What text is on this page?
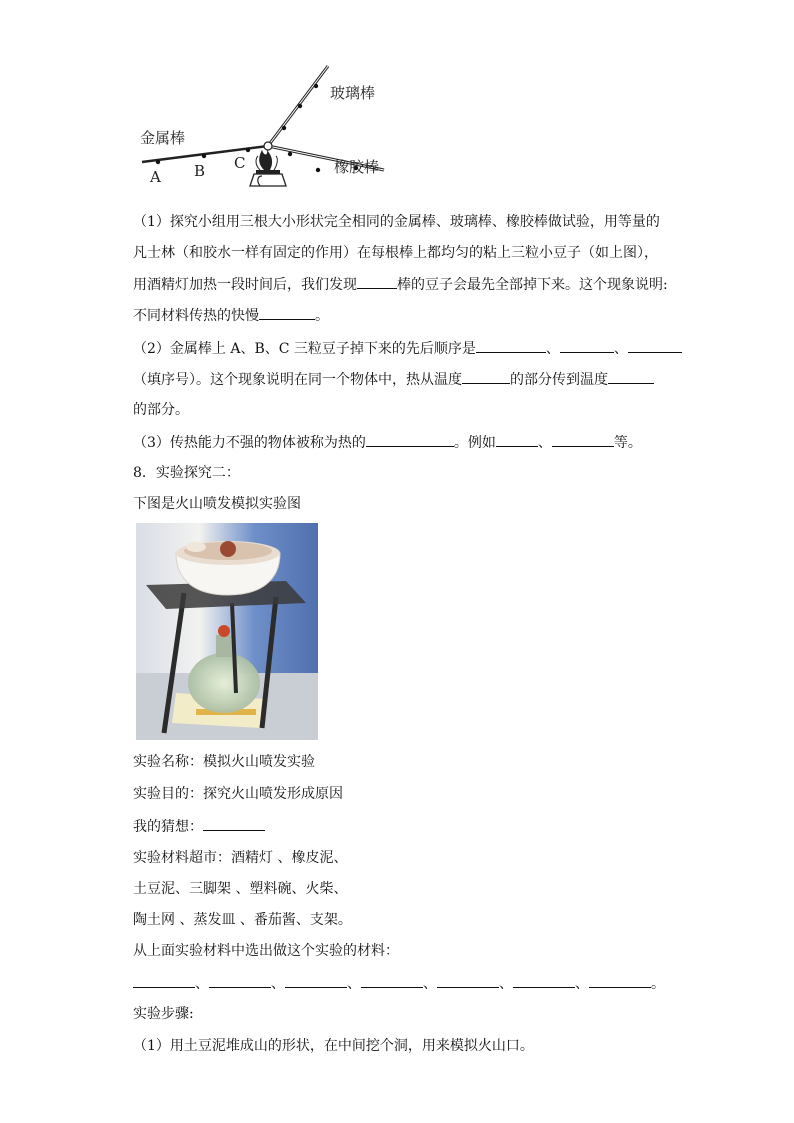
玻璃棒
金属棒
橡胶棒
A B C
（1）探究小组用三根大小形状完全相同的金属棒、玻璃棒、橡胶棒做试验，用等量的
凡士林（和胶水一样有固定的作用）在每根棒上都均匀的粘上三粒小豆子（如上图），
用酒精灯加热一段时间后，我们发现	棒的豆子会最先全部掉下来。这个现象说明:
不同材料传热的快慢	。
（2）金属棒上 A、B、C 三粒豆子掉下来的先后顺序是	、	、
（填序号）。这个现象说明在同一个物体中，热从温度	的部分传到温度
的部分。
（3）传热能力不强的物体被称为热的	。例如	、	等。
8．实验探究二：
下图是火山喷发模拟实验图
实验名称：模拟火山喷发实验
实验目的：探究火山喷发形成原因
我的猜想：
实验材料超市：酒精灯 、橡皮泥、
土豆泥、三脚架 、塑料碗、火柴、
陶土网 、蒸发皿 、番茄酱、支架。
从上面实验材料中选出做这个实验的材料：
、	、	、	、	、	、	。
实验步骤:
（1）用土豆泥堆成山的形状，在中间挖个洞，用来模拟火山口。
